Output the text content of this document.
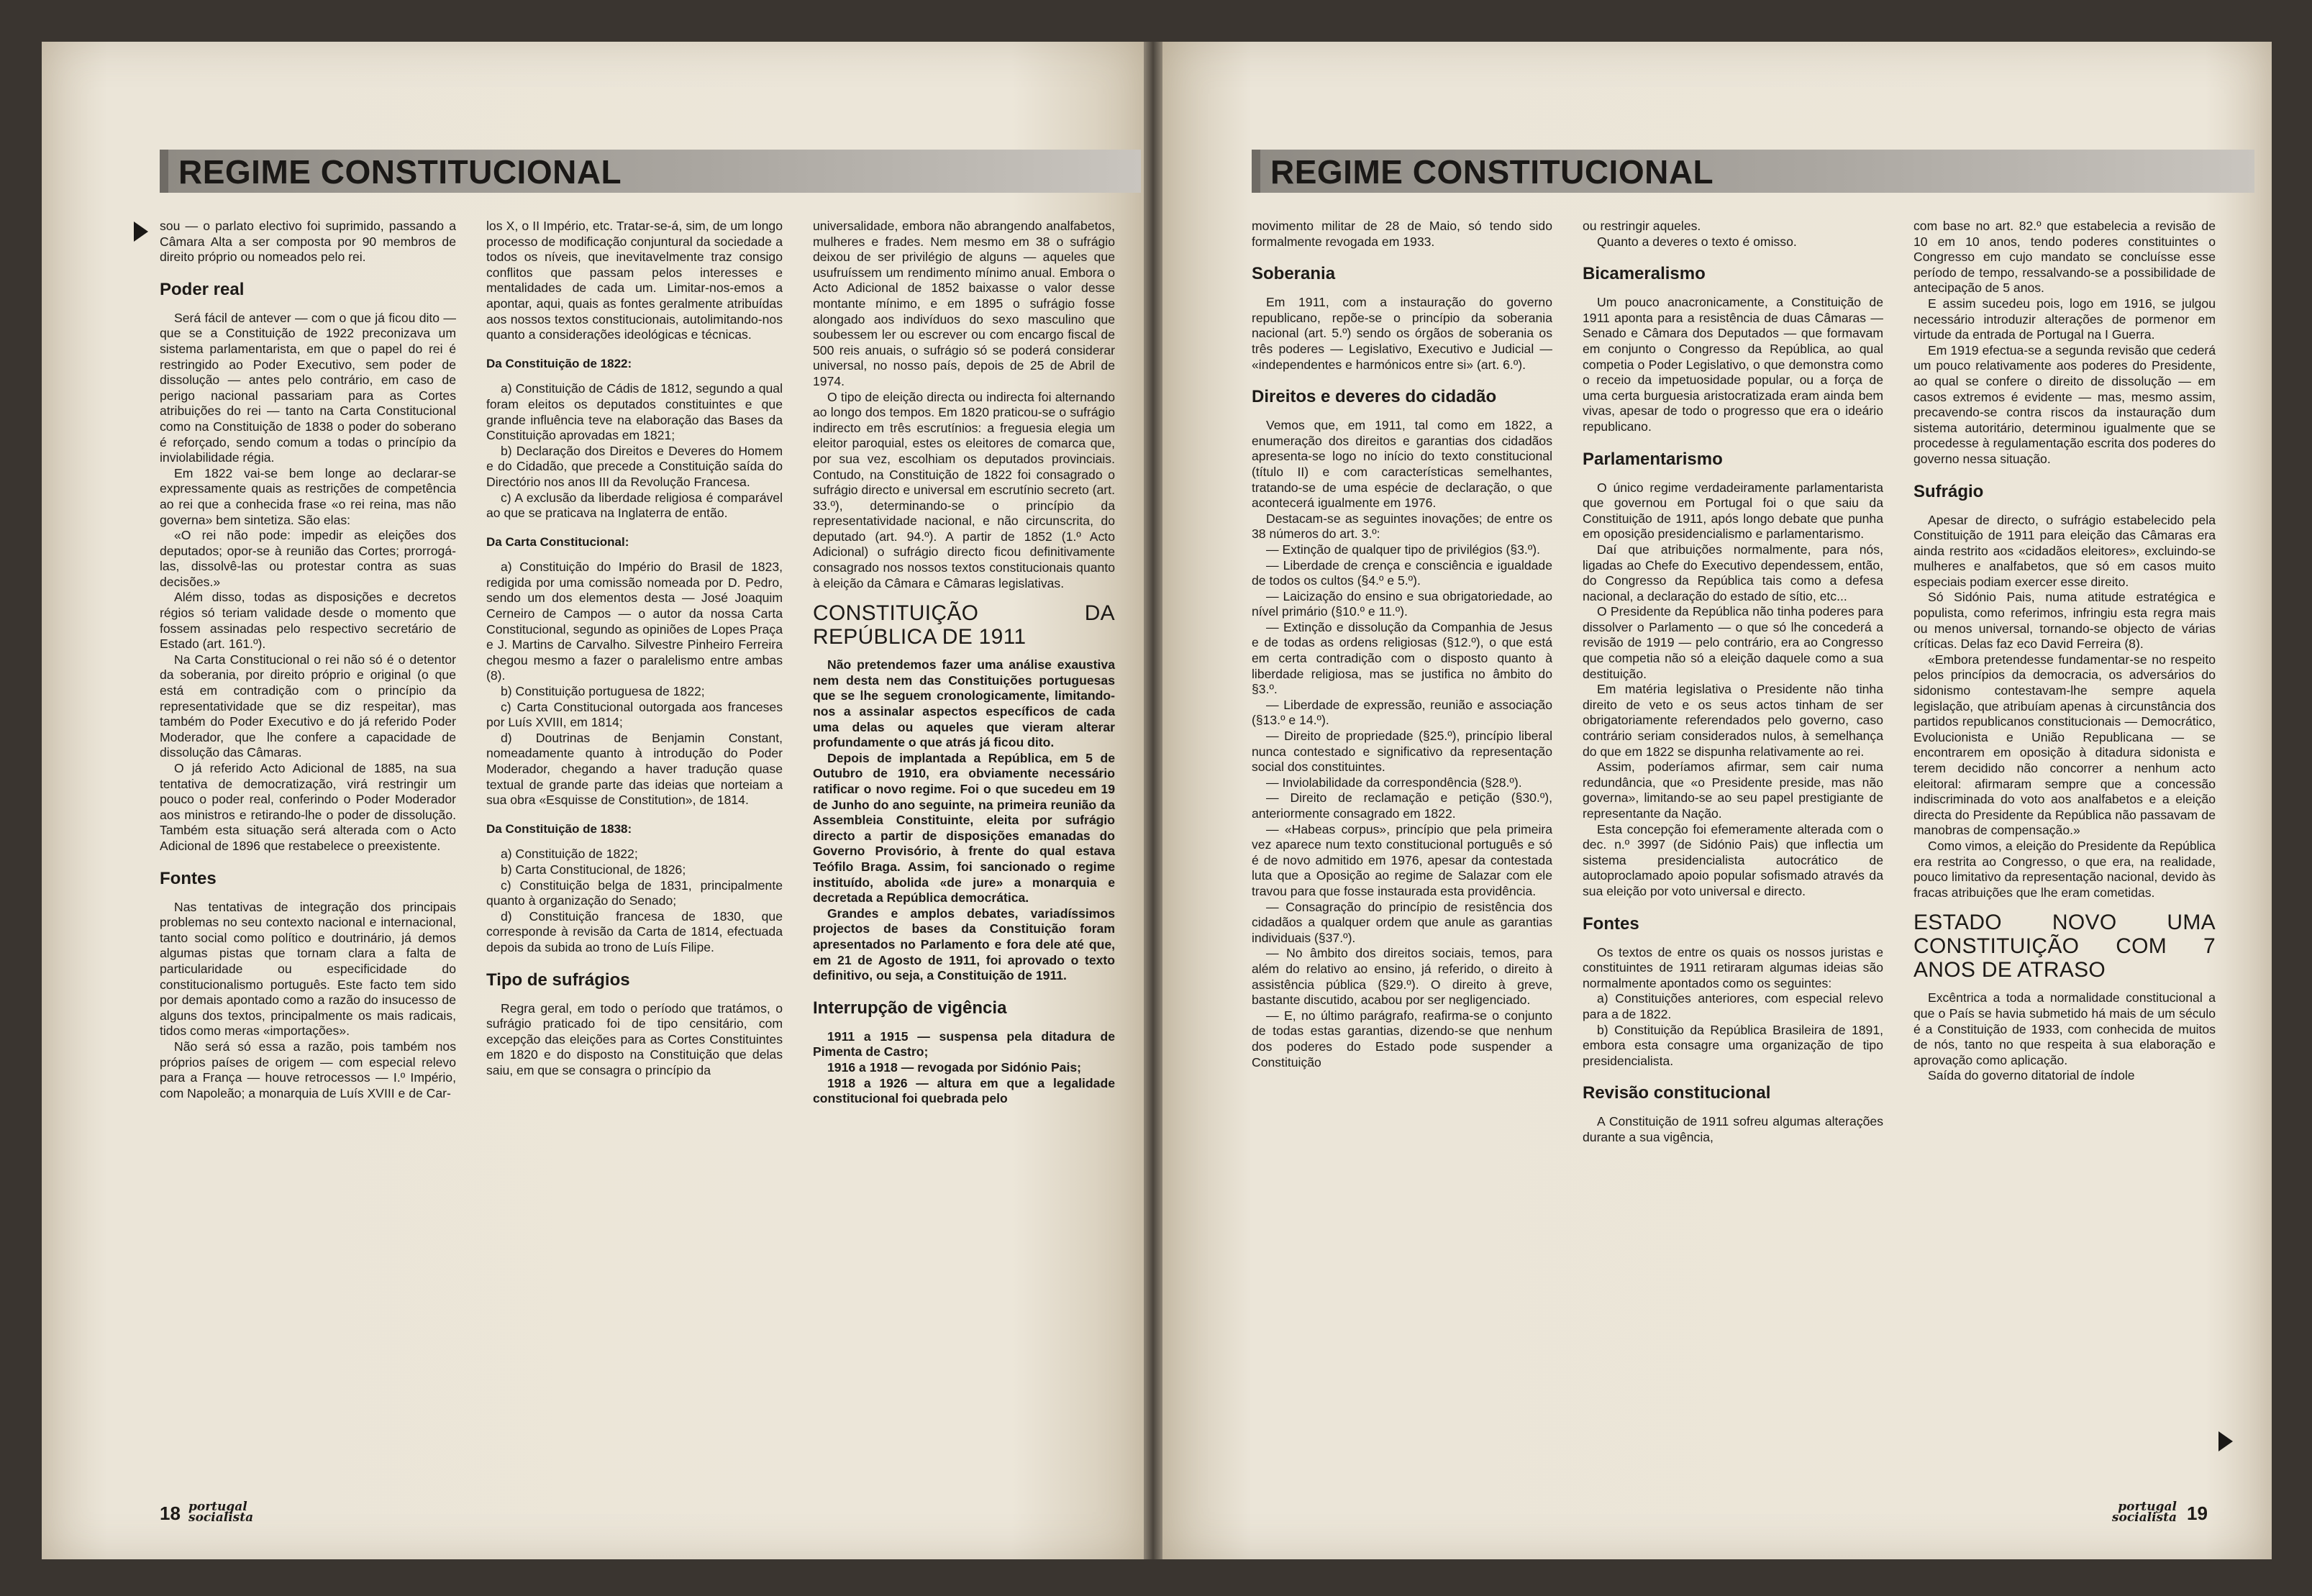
REGIME CONSTITUCIONAL

sou — o parlato electivo foi suprimido, passando a Câmara Alta a ser composta por 90 membros de direito próprio ou nomeados pelo rei.

Poder real

Será fácil de antever — com o que já ficou dito — que se a Constituição de 1922 preconizava um sistema parlamentarista, em que o papel do rei é restringido ao Poder Executivo, sem poder de dissolução — antes pelo contrário, em caso de perigo nacional passariam para as Cortes atribuições do rei — tanto na Carta Constitucional como na Constituição de 1838 o poder do soberano é reforçado, sendo comum a todas o princípio da inviolabilidade régia.

Em 1822 vai-se bem longe ao declarar-se expressamente quais as restrições de competência ao rei que a conhecida frase «o rei reina, mas não governa» bem sintetiza. São elas:

«O rei não pode: impedir as eleições dos deputados; opor-se à reunião das Cortes; prorrogá-las, dissolvê-las ou protestar contra as suas decisões.»

Além disso, todas as disposições e decretos régios só teriam validade desde o momento que fossem assinadas pelo respectivo secretário de Estado (art. 161.º).

Na Carta Constitucional o rei não só é o detentor da soberania, por direito próprio e original (o que está em contradição com o princípio da representatividade que se diz respeitar), mas também do Poder Executivo e do já referido Poder Moderador, que lhe confere a capacidade de dissolução das Câmaras.

O já referido Acto Adicional de 1885, na sua tentativa de democratização, virá restringir um pouco o poder real, conferindo o Poder Moderador aos ministros e retirando-lhe o poder de dissolução. Também esta situação será alterada com o Acto Adicional de 1896 que restabelece o preexistente.

Fontes

Nas tentativas de integração dos principais problemas no seu contexto nacional e internacional, tanto social como político e doutrinário, já demos algumas pistas que tornam clara a falta de particularidade ou especificidade do constitucionalismo português. Este facto tem sido por demais apontado como a razão do insucesso de alguns dos textos, principalmente os mais radicais, tidos como meras «importações».

Não será só essa a razão, pois também nos próprios países de origem — com especial relevo para a França — houve retrocessos — I.º Império, com Napoleão; a monarquia de Luís XVIII e de Car-

los X, o II Império, etc. Tratar-se-á, sim, de um longo processo de modificação conjuntural da sociedade a todos os níveis, que inevitavelmente traz consigo conflitos que passam pelos interesses e mentalidades de cada um. Limitar-nos-emos a apontar, aqui, quais as fontes geralmente atribuídas aos nossos textos constitucionais, autolimitando-nos quanto a considerações ideológicas e técnicas.

Da Constituição de 1822:

a) Constituição de Cádis de 1812, segundo a qual foram eleitos os deputados constituintes e que grande influência teve na elaboração das Bases da Constituição aprovadas em 1821;

b) Declaração dos Direitos e Deveres do Homem e do Cidadão, que precede a Constituição saída do Directório nos anos III da Revolução Francesa.

c) A exclusão da liberdade religiosa é comparável ao que se praticava na Inglaterra de então.

Da Carta Constitucional:

a) Constituição do Império do Brasil de 1823, redigida por uma comissão nomeada por D. Pedro, sendo um dos elementos desta — José Joaquim Cerneiro de Campos — o autor da nossa Carta Constitucional, segundo as opiniões de Lopes Praça e J. Martins de Carvalho. Silvestre Pinheiro Ferreira chegou mesmo a fazer o paralelismo entre ambas (8).

b) Constituição portuguesa de 1822;

c) Carta Constitucional outorgada aos franceses por Luís XVIII, em 1814;

d) Doutrinas de Benjamin Constant, nomeadamente quanto à introdução do Poder Moderador, chegando a haver tradução quase textual de grande parte das ideias que norteiam a sua obra «Esquisse de Constitution», de 1814.

Da Constituição de 1838:

a) Constituição de 1822;

b) Carta Constitucional, de 1826;

c) Constituição belga de 1831, principalmente quanto à organização do Senado;

d) Constituição francesa de 1830, que corresponde à revisão da Carta de 1814, efectuada depois da subida ao trono de Luís Filipe.

Tipo de sufrágios

Regra geral, em todo o período que tratámos, o sufrágio praticado foi de tipo censitário, com excepção das eleições para as Cortes Constituintes em 1820 e do disposto na Constituição que delas saiu, em que se consagra o princípio da

universalidade, embora não abrangendo analfabetos, mulheres e frades. Nem mesmo em 38 o sufrágio deixou de ser privilégio de alguns — aqueles que usufruíssem um rendimento mínimo anual. Embora o Acto Adicional de 1852 baixasse o valor desse montante mínimo, e em 1895 o sufrágio fosse alongado aos indivíduos do sexo masculino que soubessem ler ou escrever ou com encargo fiscal de 500 reis anuais, o sufrágio só se poderá considerar universal, no nosso país, depois de 25 de Abril de 1974.

O tipo de eleição directa ou indirecta foi alternando ao longo dos tempos. Em 1820 praticou-se o sufrágio indirecto em três escrutínios: a freguesia elegia um eleitor paroquial, estes os eleitores de comarca que, por sua vez, escolhiam os deputados provinciais. Contudo, na Constituição de 1822 foi consagrado o sufrágio directo e universal em escrutínio secreto (art. 33.º), determinando-se o princípio da representatividade nacional, e não circunscrita, do deputado (art. 94.º). A partir de 1852 (1.º Acto Adicional) o sufrágio directo ficou definitivamente consagrado nos nossos textos constitucionais quanto à eleição da Câmara e Câmaras legislativas.

CONSTITUIÇÃO DA REPÚBLICA DE 1911

Não pretendemos fazer uma análise exaustiva nem desta nem das Constituições portuguesas que se lhe seguem cronologicamente, limitando-nos a assinalar aspectos específicos de cada uma delas ou aqueles que vieram alterar profundamente o que atrás já ficou dito.

Depois de implantada a República, em 5 de Outubro de 1910, era obviamente necessário ratificar o novo regime. Foi o que sucedeu em 19 de Junho do ano seguinte, na primeira reunião da Assembleia Constituinte, eleita por sufrágio directo a partir de disposições emanadas do Governo Provisório, à frente do qual estava Teófilo Braga. Assim, foi sancionado o regime instituído, abolida «de jure» a monarquia e decretada a República democrática.

Grandes e amplos debates, variadíssimos projectos de bases da Constituição foram apresentados no Parlamento e fora dele até que, em 21 de Agosto de 1911, foi aprovado o texto definitivo, ou seja, a Constituição de 1911.

Interrupção de vigência

1911 a 1915 — suspensa pela ditadura de Pimenta de Castro;

1916 a 1918 — revogada por Sidónio Pais;

1918 a 1926 — altura em que a legalidade constitucional foi quebrada pelo

18 portugal socialista
REGIME CONSTITUCIONAL

movimento militar de 28 de Maio, só tendo sido formalmente revogada em 1933.

Soberania

Em 1911, com a instauração do governo republicano, repõe-se o princípio da soberania nacional (art. 5.º) sendo os órgãos de soberania os três poderes — Legislativo, Executivo e Judicial — «independentes e harmónicos entre si» (art. 6.º).

Direitos e deveres do cidadão

Vemos que, em 1911, tal como em 1822, a enumeração dos direitos e garantias dos cidadãos apresenta-se logo no início do texto constitucional (título II) e com características semelhantes, tratando-se de uma espécie de declaração, o que acontecerá igualmente em 1976.

Destacam-se as seguintes inovações; de entre os 38 números do art. 3.º:

— Extinção de qualquer tipo de privilégios (§3.º).

— Liberdade de crença e consciência e igualdade de todos os cultos (§4.º e 5.º).

— Laicização do ensino e sua obrigatoriedade, ao nível primário (§10.º e 11.º).

— Extinção e dissolução da Companhia de Jesus e de todas as ordens religiosas (§12.º), o que está em certa contradição com o disposto quanto à liberdade religiosa, mas se justifica no âmbito do §3.º.

— Liberdade de expressão, reunião e associação (§13.º e 14.º).

— Direito de propriedade (§25.º), princípio liberal nunca contestado e significativo da representação social dos constituintes.

— Inviolabilidade da correspondência (§28.º).

— Direito de reclamação e petição (§30.º), anteriormente consagrado em 1822.

— «Habeas corpus», princípio que pela primeira vez aparece num texto constitucional português e só é de novo admitido em 1976, apesar da contestada luta que a Oposição ao regime de Salazar com ele travou para que fosse instaurada esta providência.

— Consagração do princípio de resistência dos cidadãos a qualquer ordem que anule as garantias individuais (§37.º).

— No âmbito dos direitos sociais, temos, para além do relativo ao ensino, já referido, o direito à assistência pública (§29.º). O direito à greve, bastante discutido, acabou por ser negligenciado.

— E, no último parágrafo, reafirma-se o conjunto de todas estas garantias, dizendo-se que nenhum dos poderes do Estado pode suspender a Constituição

ou restringir aqueles.

Quanto a deveres o texto é omisso.

Bicameralismo

Um pouco anacronicamente, a Constituição de 1911 aponta para a resistência de duas Câmaras — Senado e Câmara dos Deputados — que formavam em conjunto o Congresso da República, ao qual competia o Poder Legislativo, o que demonstra como o receio da impetuosidade popular, ou a força de uma certa burguesia aristocratizada eram ainda bem vivas, apesar de todo o progresso que era o ideário republicano.

Parlamentarismo

O único regime verdadeiramente parlamentarista que governou em Portugal foi o que saiu da Constituição de 1911, após longo debate que punha em oposição presidencialismo e parlamentarismo.

Daí que atribuições normalmente, para nós, ligadas ao Chefe do Executivo dependessem, então, do Congresso da República tais como a defesa nacional, a declaração do estado de sítio, etc...

O Presidente da República não tinha poderes para dissolver o Parlamento — o que só lhe concederá a revisão de 1919 — pelo contrário, era ao Congresso que competia não só a eleição daquele como a sua destituição.

Em matéria legislativa o Presidente não tinha direito de veto e os seus actos tinham de ser obrigatoriamente referendados pelo governo, caso contrário seriam considerados nulos, à semelhança do que em 1822 se dispunha relativamente ao rei.

Assim, poderíamos afirmar, sem cair numa redundância, que «o Presidente preside, mas não governa», limitando-se ao seu papel prestigiante de representante da Nação.

Esta concepção foi efemeramente alterada com o dec. n.º 3997 (de Sidónio Pais) que inflectia um sistema presidencialista autocrático de autoproclamado apoio popular sofismado através da sua eleição por voto universal e directo.

Fontes

Os textos de entre os quais os nossos juristas e constituintes de 1911 retiraram algumas ideias são normalmente apontados como os seguintes:

a) Constituições anteriores, com especial relevo para a de 1822.

b) Constituição da República Brasileira de 1891, embora esta consagre uma organização de tipo presidencialista.

Revisão constitucional

A Constituição de 1911 sofreu algumas alterações durante a sua vigência,

com base no art. 82.º que estabelecia a revisão de 10 em 10 anos, tendo poderes constituintes o Congresso em cujo mandato se concluísse esse período de tempo, ressalvando-se a possibilidade de antecipação de 5 anos.

E assim sucedeu pois, logo em 1916, se julgou necessário introduzir alterações de pormenor em virtude da entrada de Portugal na I Guerra.

Em 1919 efectua-se a segunda revisão que cederá um pouco relativamente aos poderes do Presidente, ao qual se confere o direito de dissolução — em casos extremos é evidente — mas, mesmo assim, precavendo-se contra riscos da instauração dum sistema autoritário, determinou igualmente que se procedesse à regulamentação escrita dos poderes do governo nessa situação.

Sufrágio

Apesar de directo, o sufrágio estabelecido pela Constituição de 1911 para eleição das Câmaras era ainda restrito aos «cidadãos eleitores», excluindo-se mulheres e analfabetos, que só em casos muito especiais podiam exercer esse direito.

Só Sidónio Pais, numa atitude estratégica e populista, como referimos, infringiu esta regra mais ou menos universal, tornando-se objecto de várias críticas. Delas faz eco David Ferreira (8).

«Embora pretendesse fundamentar-se no respeito pelos princípios da democracia, os adversários do sidonismo contestavam-lhe sempre aquela legislação, que atribuíam apenas à circunstância dos partidos republicanos constitucionais — Democrático, Evolucionista e União Republicana — se encontrarem em oposição à ditadura sidonista e terem decidido não concorrer a nenhum acto eleitoral: afirmaram sempre que a concessão indiscriminada do voto aos analfabetos e a eleição directa do Presidente da República não passavam de manobras de compensação.»

Como vimos, a eleição do Presidente da República era restrita ao Congresso, o que era, na realidade, pouco limitativo da representação nacional, devido às fracas atribuições que lhe eram cometidas.

ESTADO NOVO UMA CONSTITUIÇÃO COM 7 ANOS DE ATRASO

Excêntrica a toda a normalidade constitucional a que o País se havia submetido há mais de um século é a Constituição de 1933, com conhecida de muitos de nós, tanto no que respeita à sua elaboração e aprovação como aplicação.

Saída do governo ditatorial de índole

portugal socialista 19
